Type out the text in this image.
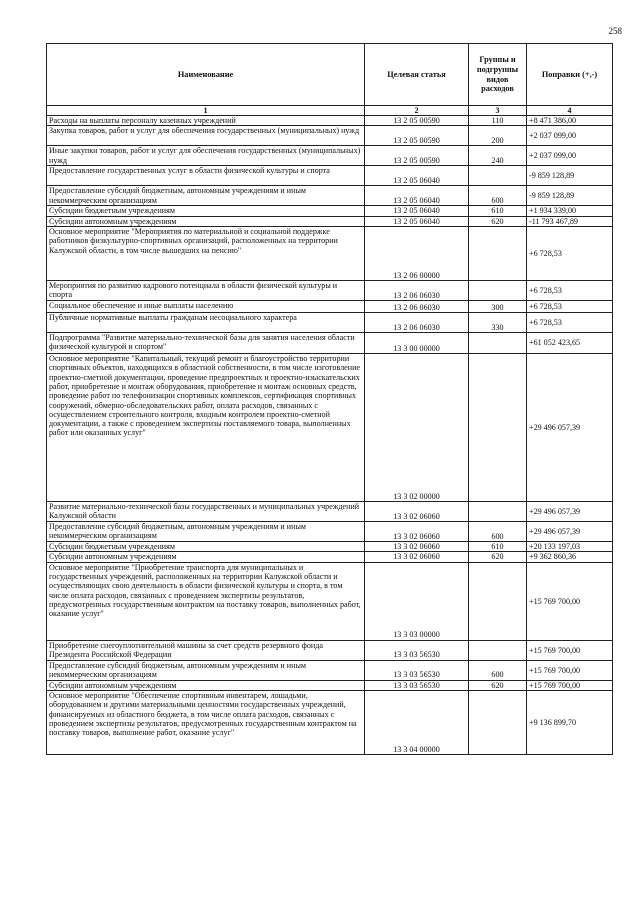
258
Наименование	Целевая статья	Группы и подгруппы видов расходов	Поправки (+,-)
1	2	3	4
Расходы на выплаты персоналу казенных учреждений	13 2 05 00590	110	+8 471 386,00
Закупка товаров, работ и услуг для обеспечения государственных (муниципальных) нужд	13 2 05 00590	200	+2 037 099,00
Иные закупки товаров, работ и услуг для обеспечения государственных (муниципальных) нужд	13 2 05 00590	240	+2 037 099,00
Предоставление государственных услуг в области физической культуры и спорта	13 2 05 06040		-9 859 128,89
Предоставление субсидий бюджетным, автономным учреждениям и иным некоммерческим организациям	13 2 05 06040	600	-9 859 128,89
Субсидии бюджетным учреждениям	13 2 05 06040	610	+1 934 339,00
Субсидии автономным учреждениям	13 2 05 06040	620	-11 793 467,89
Основное мероприятие "Мероприятия по материальной и социальной поддержке работников физкультурно-спортивных организаций, расположенных на территории Калужской области, в том числе вышедших на пенсию"	13 2 06 00000		+6 728,53
Мероприятия по развитию кадрового потенциала в области физической культуры и спорта	13 2 06 06030		+6 728,53
Социальное обеспечение и иные выплаты населению	13 2 06 06030	300	+6 728,53
Публичные нормативные выплаты гражданам несоциального характера	13 2 06 06030	330	+6 728,53
Подпрограмма "Развитие материально-технической базы для занятия населения области физической культурой и спортом"	13 3 00 00000		+61 052 423,65
Основное мероприятие "Капитальный, текущий ремонт и благоустройство территории спортивных объектов, находящихся в областной собственности, в том числе изготовление проектно-сметной документации, проведение предпроектных и проектно-изыскательских работ, приобретение и монтаж оборудования, приобретение и монтаж основных средств, проведение работ по телефонизации спортивных комплексов, сертификация спортивных сооружений, обмерно-обследовательских работ, оплата расходов, связанных с осуществлением строительного контроля, входным контролем проектно-сметной документации, а также с проведением экспертизы поставляемого товара, выполненных работ или оказанных услуг"	13 3 02 00000		+29 496 057,39
Развитие материально-технической базы государственных и муниципальных учреждений Калужской области	13 3 02 06060		+29 496 057,39
Предоставление субсидий бюджетным, автономным учреждениям и иным некоммерческим организациям	13 3 02 06060	600	+29 496 057,39
Субсидии бюджетным учреждениям	13 3 02 06060	610	+20 133 197,03
Субсидии автономным учреждениям	13 3 02 06060	620	+9 362 860,36
Основное мероприятие "Приобретение транспорта для муниципальных и государственных учреждений, расположенных на территории Калужской области и осуществляющих свою деятельность в области физической культуры и спорта, в том числе оплата расходов, связанных с проведением экспертизы результатов, предусмотренных государственным контрактом на поставку товаров, выполненных работ, оказание услуг"	13 3 03 00000		+15 769 700,00
Приобретение снегоуплотнительной машины за счет средств резервного фонда Президента Российской Федерации	13 3 03 56530		+15 769 700,00
Предоставление субсидий бюджетным, автономным учреждениям и иным некоммерческим организациям	13 3 03 56530	600	+15 769 700,00
Субсидии автономным учреждениям	13 3 03 56530	620	+15 769 700,00
Основное мероприятие "Обеспечение спортивным инвентарем, лошадьми, оборудованием и другими материальными ценностями государственных учреждений, финансируемых из областного бюджета, в том числе оплата расходов, связанных с проведением экспертизы результатов, предусмотренных государственным контрактом на поставку товаров, выполнение работ, оказание услуг"	13 3 04 00000		+9 136 899,70
